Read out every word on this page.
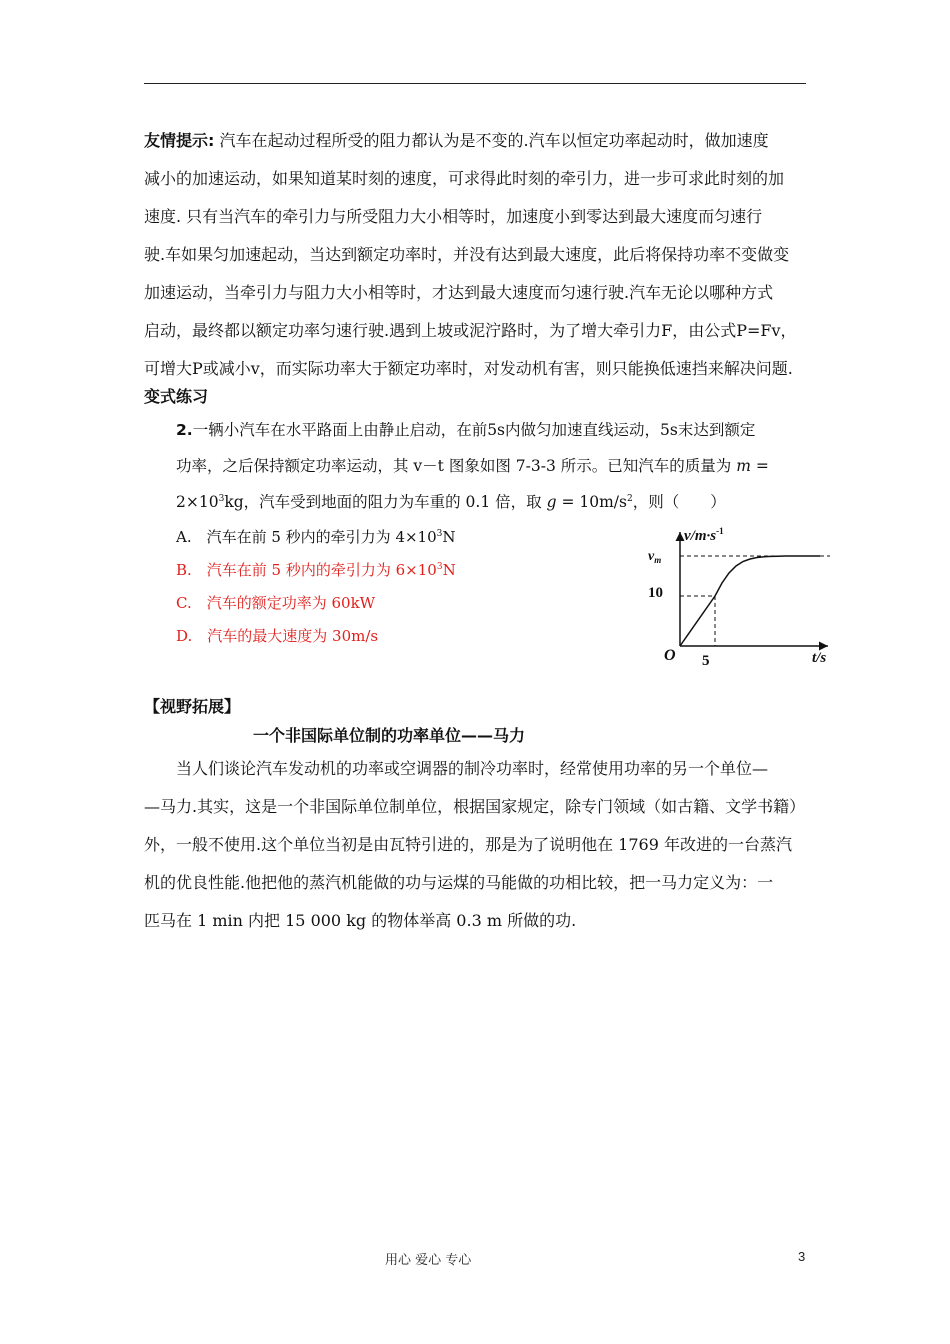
友情提示: 汽车在起动过程所受的阻力都认为是不变的.汽车以恒定功率起动时，做加速度

减小的加速运动，如果知道某时刻的速度，可求得此时刻的牵引力，进一步可求此时刻的加

速度. 只有当汽车的牵引力与所受阻力大小相等时，加速度小到零达到最大速度而匀速行

驶.车如果匀加速起动，当达到额定功率时，并没有达到最大速度，此后将保持功率不变做变

加速运动，当牵引力与阻力大小相等时，才达到最大速度而匀速行驶.汽车无论以哪种方式

启动，最终都以额定功率匀速行驶.遇到上坡或泥泞路时，为了增大牵引力F，由公式P=Fv，

可增大P或减小v，而实际功率大于额定功率时，对发动机有害，则只能换低速挡来解决问题.

变式练习

2.一辆小汽车在水平路面上由静止启动，在前5s内做匀加速直线运动，5s末达到额定

功率，之后保持额定功率运动，其 v－t 图象如图 7-3-3 所示。已知汽车的质量为 m =

$2\times 10^3kg$，汽车受到地面的阻力为车重的 0.1 倍，取 $g = 10m/s^2$，则（　　）

A.　汽车在前 5 秒内的牵引力为 $4\times 10^3N$

B.　汽车在前 5 秒内的牵引力为 $6\times 10^3N$

C.　汽车的额定功率为 60kW

D.　汽车的最大速度为 30m/s

$v/m\cdot s^{-1}$
t/s
O
$v_m$
10
5
【视野拓展】
一个非国际单位制的功率单位——马力

当人们谈论汽车发动机的功率或空调器的制冷功率时，经常使用功率的另一个单位—

—马力.其实，这是一个非国际单位制单位，根据国家规定，除专门领域（如古籍、文学书籍）

外，一般不使用.这个单位当初是由瓦特引进的，那是为了说明他在 1769 年改进的一台蒸汽

机的优良性能.他把他的蒸汽机能做的功与运煤的马能做的功相比较，把一马力定义为：一

匹马在 1 min 内把 15 000 kg 的物体举高 0.3 m 所做的功.

用心 爱心 专心	3
